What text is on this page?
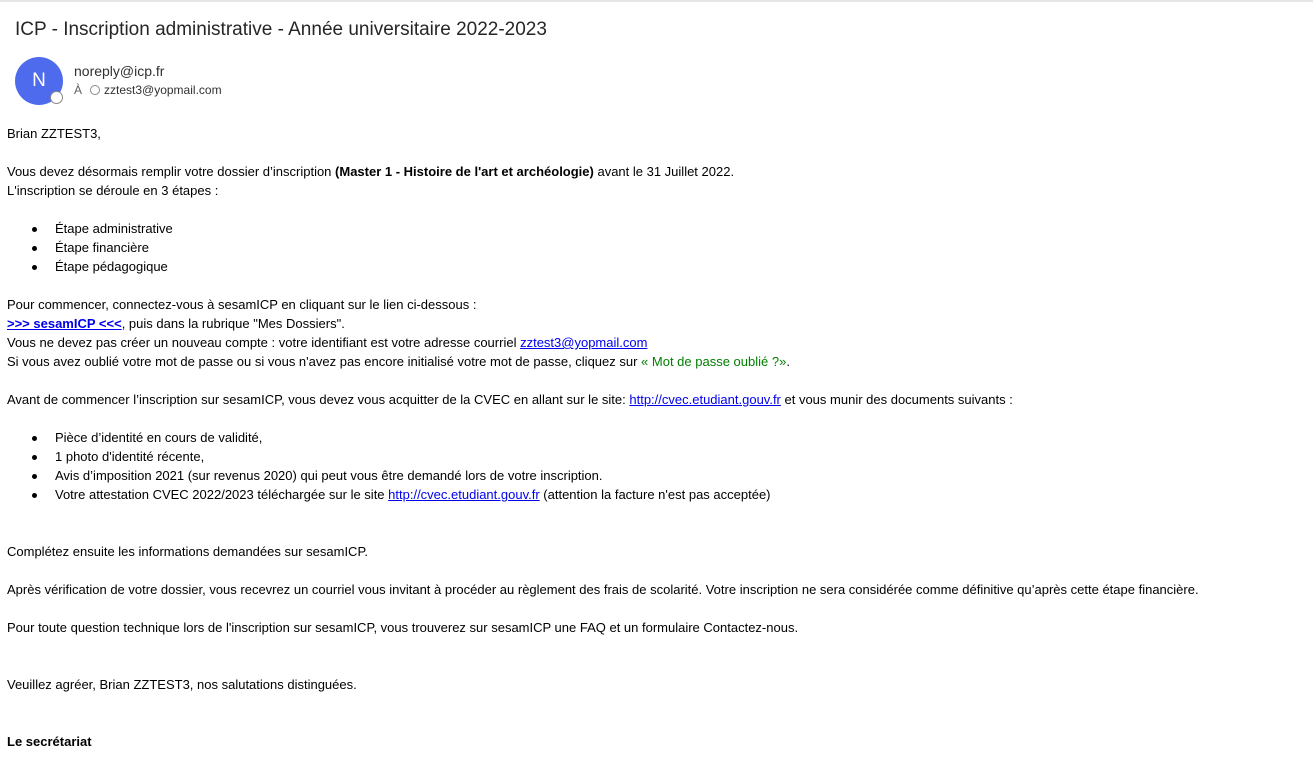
ICP - Inscription administrative - Année universitaire 2022-2023
N	noreply@icp.fr
À zztest3@yopmail.com
Brian ZZTEST3,
Vous devez désormais remplir votre dossier d’inscription (Master 1 - Histoire de l'art et archéologie) avant le 31 Juillet 2022.
L'inscription se déroule en 3 étapes :
Étape administrative
Étape financière
Étape pédagogique
Pour commencer, connectez-vous à sesamICP en cliquant sur le lien ci-dessous :
>>> sesamICP <<<, puis dans la rubrique "Mes Dossiers".
Vous ne devez pas créer un nouveau compte : votre identifiant est votre adresse courriel zztest3@yopmail.com
Si vous avez oublié votre mot de passe ou si vous n'avez pas encore initialisé votre mot de passe, cliquez sur « Mot de passe oublié ?».
Avant de commencer l’inscription sur sesamICP, vous devez vous acquitter de la CVEC en allant sur le site: http://cvec.etudiant.gouv.fr et vous munir des documents suivants :
Pièce d’identité en cours de validité,
1 photo d'identité récente,
Avis d’imposition 2021 (sur revenus 2020) qui peut vous être demandé lors de votre inscription.
Votre attestation CVEC 2022/2023 téléchargée sur le site http://cvec.etudiant.gouv.fr (attention la facture n'est pas acceptée)
Complétez ensuite les informations demandées sur sesamICP.
Après vérification de votre dossier, vous recevrez un courriel vous invitant à procéder au règlement des frais de scolarité. Votre inscription ne sera considérée comme définitive qu’après cette étape financière.
Pour toute question technique lors de l'inscription sur sesamICP, vous trouverez sur sesamICP une FAQ et un formulaire Contactez-nous.
Veuillez agréer, Brian ZZTEST3, nos salutations distinguées.
Le secrétariat
